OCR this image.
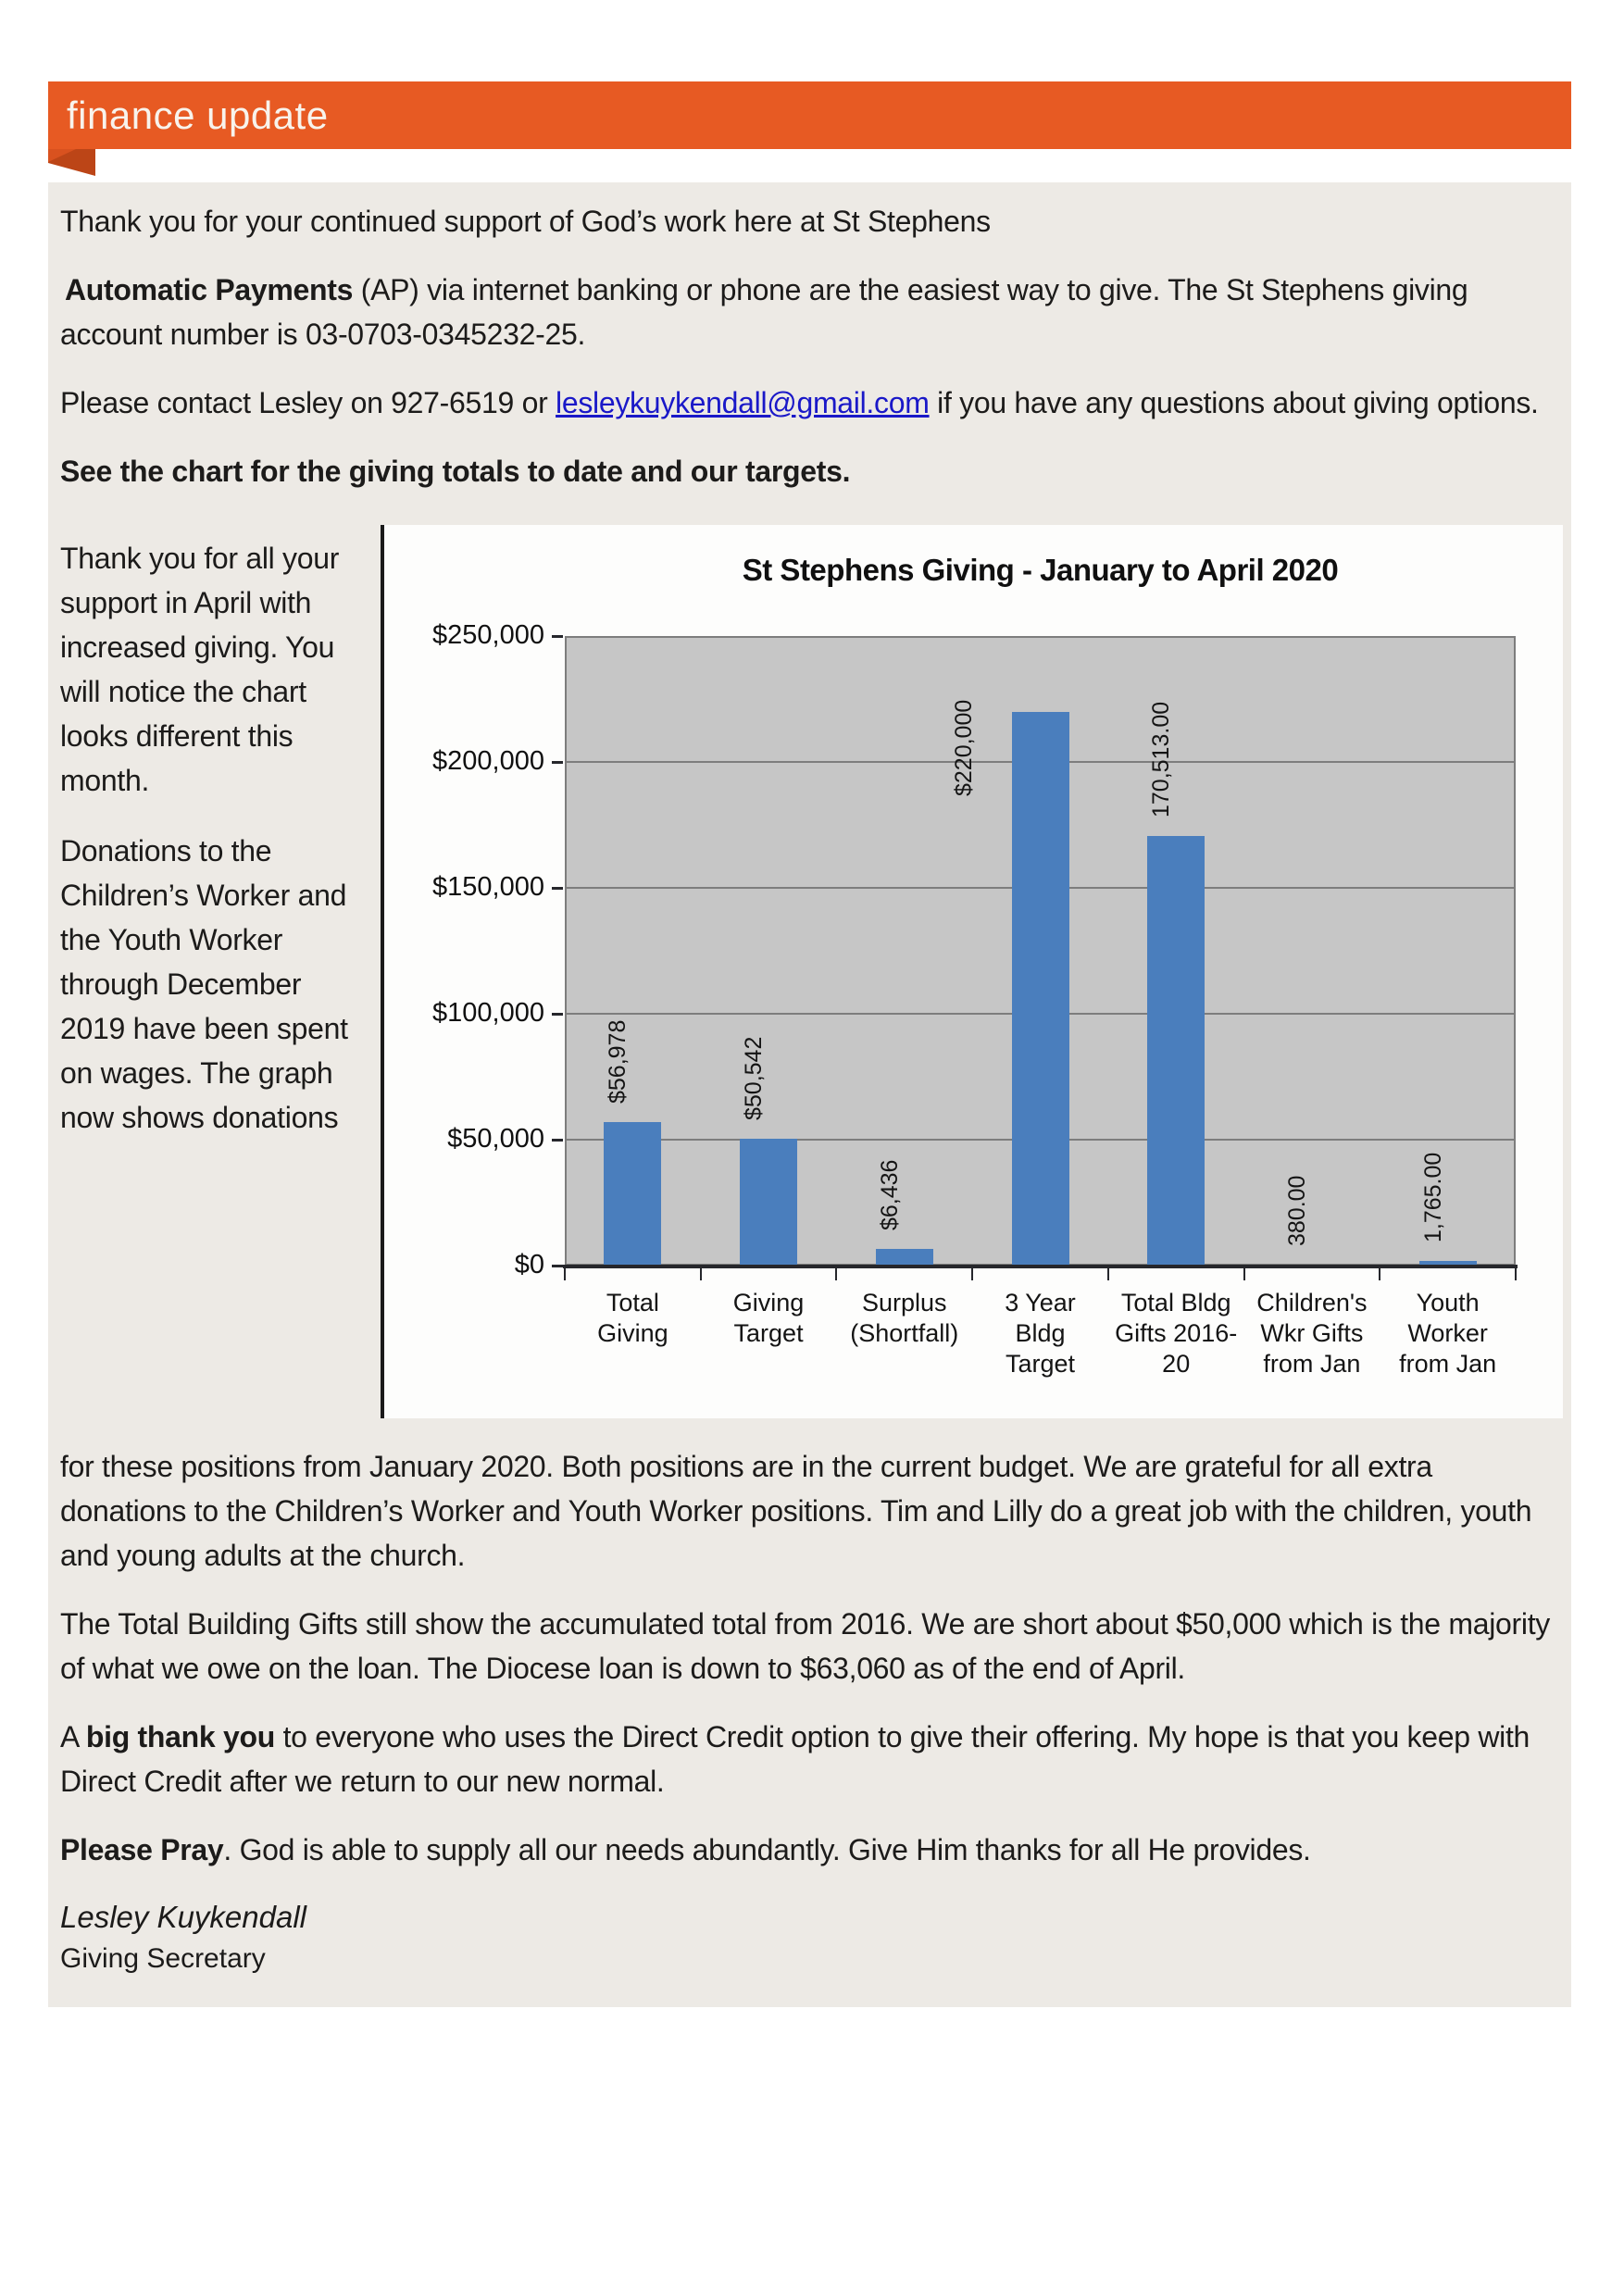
finance update

Thank you for your continued support of God’s work here at St Stephens

Automatic Payments (AP) via internet banking or phone are the easiest way to give. The St Stephens giving account number is 03-0703-0345232-25.

Please contact Lesley on 927-6519 or lesleykuykendall@gmail.com if you have any questions about giving options.

See the chart for the giving totals to date and our targets.

Thank you for all your support in April with increased giving. You will notice the chart looks different this month.

Donations to the Children’s Worker and the Youth Worker through December 2019 have been spent on wages. The graph now shows donations

St Stephens Giving - January to April 2020
$0
$50,000
$100,000
$150,000
$200,000
$250,000
Total
Giving
Giving
Target
Surplus
(Shortfall)
3 Year
Bldg
Target
Total Bldg
Gifts 2016-
20
Children's
Wkr Gifts
from Jan
Youth
Worker
from Jan
$56,978	$50,542
$6,436
$220,000	170,513.00
380.00	1,765.00

for these positions from January 2020. Both positions are in the current budget. We are grateful for all extra donations to the Children’s Worker and Youth Worker positions. Tim and Lilly do a great job with the children, youth and young adults at the church.

The Total Building Gifts still show the accumulated total from 2016. We are short about $50,000 which is the majority of what we owe on the loan. The Diocese loan is down to $63,060 as of the end of April.

A big thank you to everyone who uses the Direct Credit option to give their offering. My hope is that you keep with Direct Credit after we return to our new normal.

Please Pray. God is able to supply all our needs abundantly. Give Him thanks for all He provides.

Lesley Kuykendall

Giving Secretary
